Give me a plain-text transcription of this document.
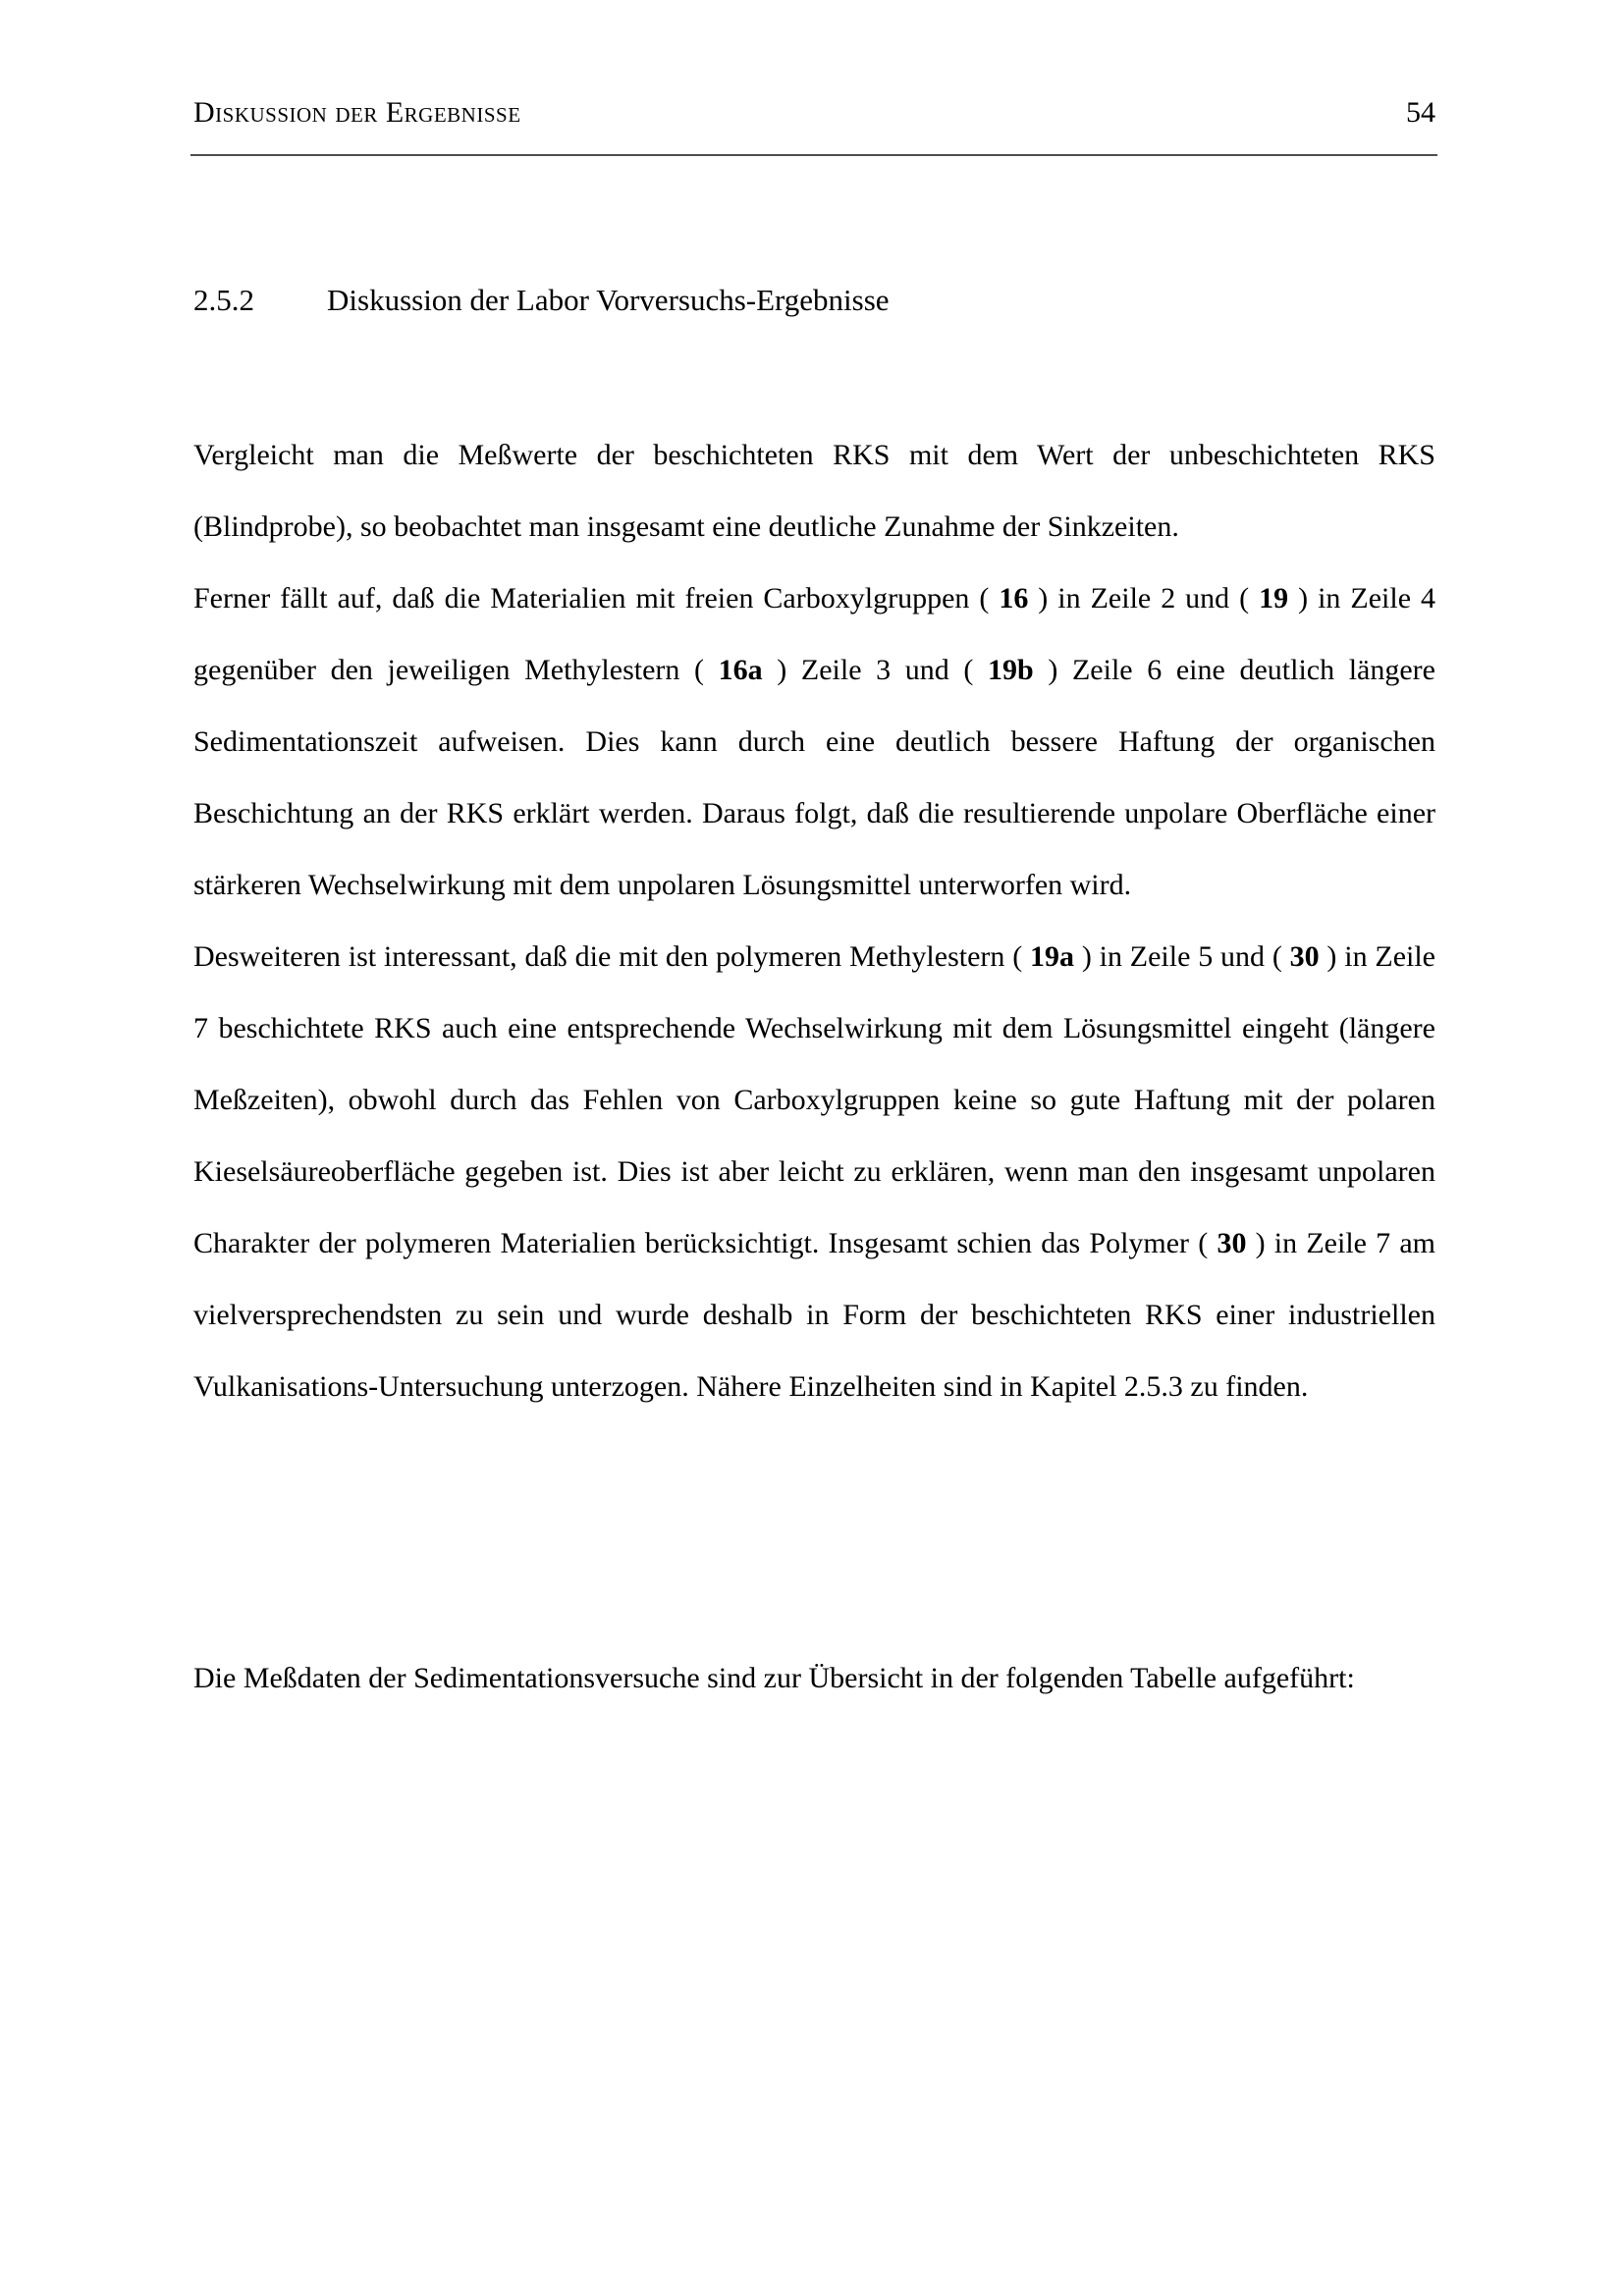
Diskussion der Ergebnisse	54
2.5.2	Diskussion der Labor Vorversuchs-Ergebnisse

Vergleicht man die Meßwerte der beschichteten RKS mit dem Wert der unbeschichteten RKS (Blindprobe), so beobachtet man insgesamt eine deutliche Zunahme der Sinkzeiten.

Ferner fällt auf, daß die Materialien mit freien Carboxylgruppen ( 16 ) in Zeile 2 und ( 19 ) in Zeile 4 gegenüber den jeweiligen Methylestern ( 16a ) Zeile 3 und ( 19b ) Zeile 6 eine deutlich längere Sedimentationszeit aufweisen. Dies kann durch eine deutlich bessere Haftung der organischen Beschichtung an der RKS erklärt werden. Daraus folgt, daß die resultierende unpolare Oberfläche einer stärkeren Wechselwirkung mit dem unpolaren Lösungsmittel unterworfen wird.

Desweiteren ist interessant, daß die mit den polymeren Methylestern ( 19a ) in Zeile 5 und ( 30 ) in Zeile 7 beschichtete RKS auch eine entsprechende Wechselwirkung mit dem Lösungsmittel eingeht (längere Meßzeiten), obwohl durch das Fehlen von Carboxylgruppen keine so gute Haftung mit der polaren Kieselsäureoberfläche gegeben ist. Dies ist aber leicht zu erklären, wenn man den insgesamt unpolaren Charakter der polymeren Materialien berücksichtigt. Insgesamt schien das Polymer ( 30 ) in Zeile 7 am vielversprechendsten zu sein und wurde deshalb in Form der beschichteten RKS einer industriellen Vulkanisations-Untersuchung unterzogen. Nähere Einzelheiten sind in Kapitel 2.5.3 zu finden.

Die Meßdaten der Sedimentationsversuche sind zur Übersicht in der folgenden Tabelle aufgeführt:
